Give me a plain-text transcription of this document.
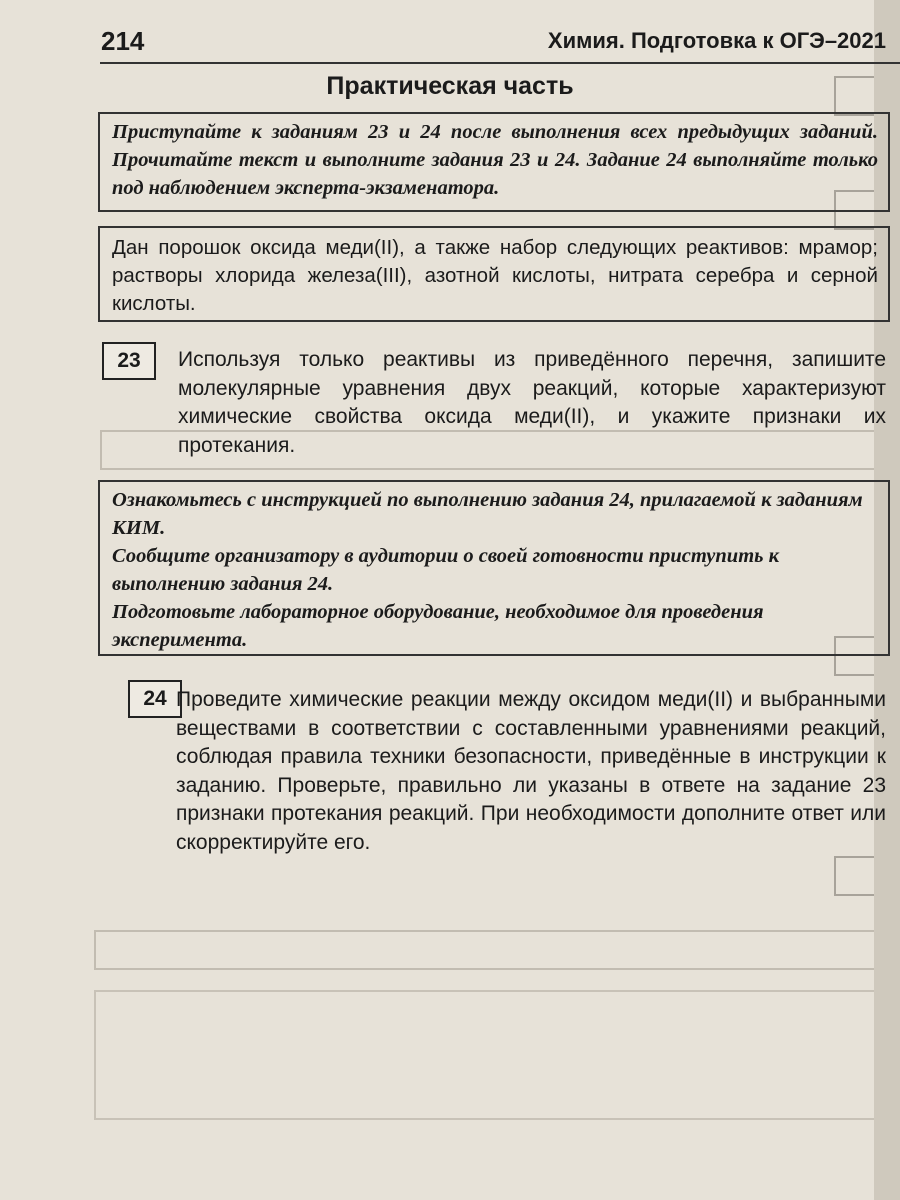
214	Химия. Подготовка к ОГЭ–2021
Практическая часть

Приступайте к заданиям 23 и 24 после выполнения всех предыдущих заданий. Прочитайте текст и выполните задания 23 и 24. Задание 24 выполняйте только под наблюдением эксперта-экзаменатора.

Дан порошок оксида меди(II), а также набор следующих реактивов: мрамор; растворы хлорида железа(III), азотной кислоты, нитрата серебра и серной кислоты.
23	Используя только реактивы из приведённого перечня, запишите молекулярные уравнения двух реакций, которые характеризуют химические свойства оксида меди(II), и укажите признаки их протекания.

Ознакомьтесь с инструкцией по выполнению задания 24, прилагаемой к заданиям КИМ.

Сообщите организатору в аудитории о своей готовности приступить к выполнению задания 24.

Подготовьте лабораторное оборудование, необходимое для проведения эксперимента.

24 Проведите химические реакции между оксидом меди(II) и выбранными веществами в соответствии с составленными уравнениями реакций, соблюдая правила техники безопасности, приведённые в инструкции к заданию. Проверьте, правильно ли указаны в ответе на задание 23 признаки протекания реакций. При необходимости дополните ответ или скорректируйте его.
